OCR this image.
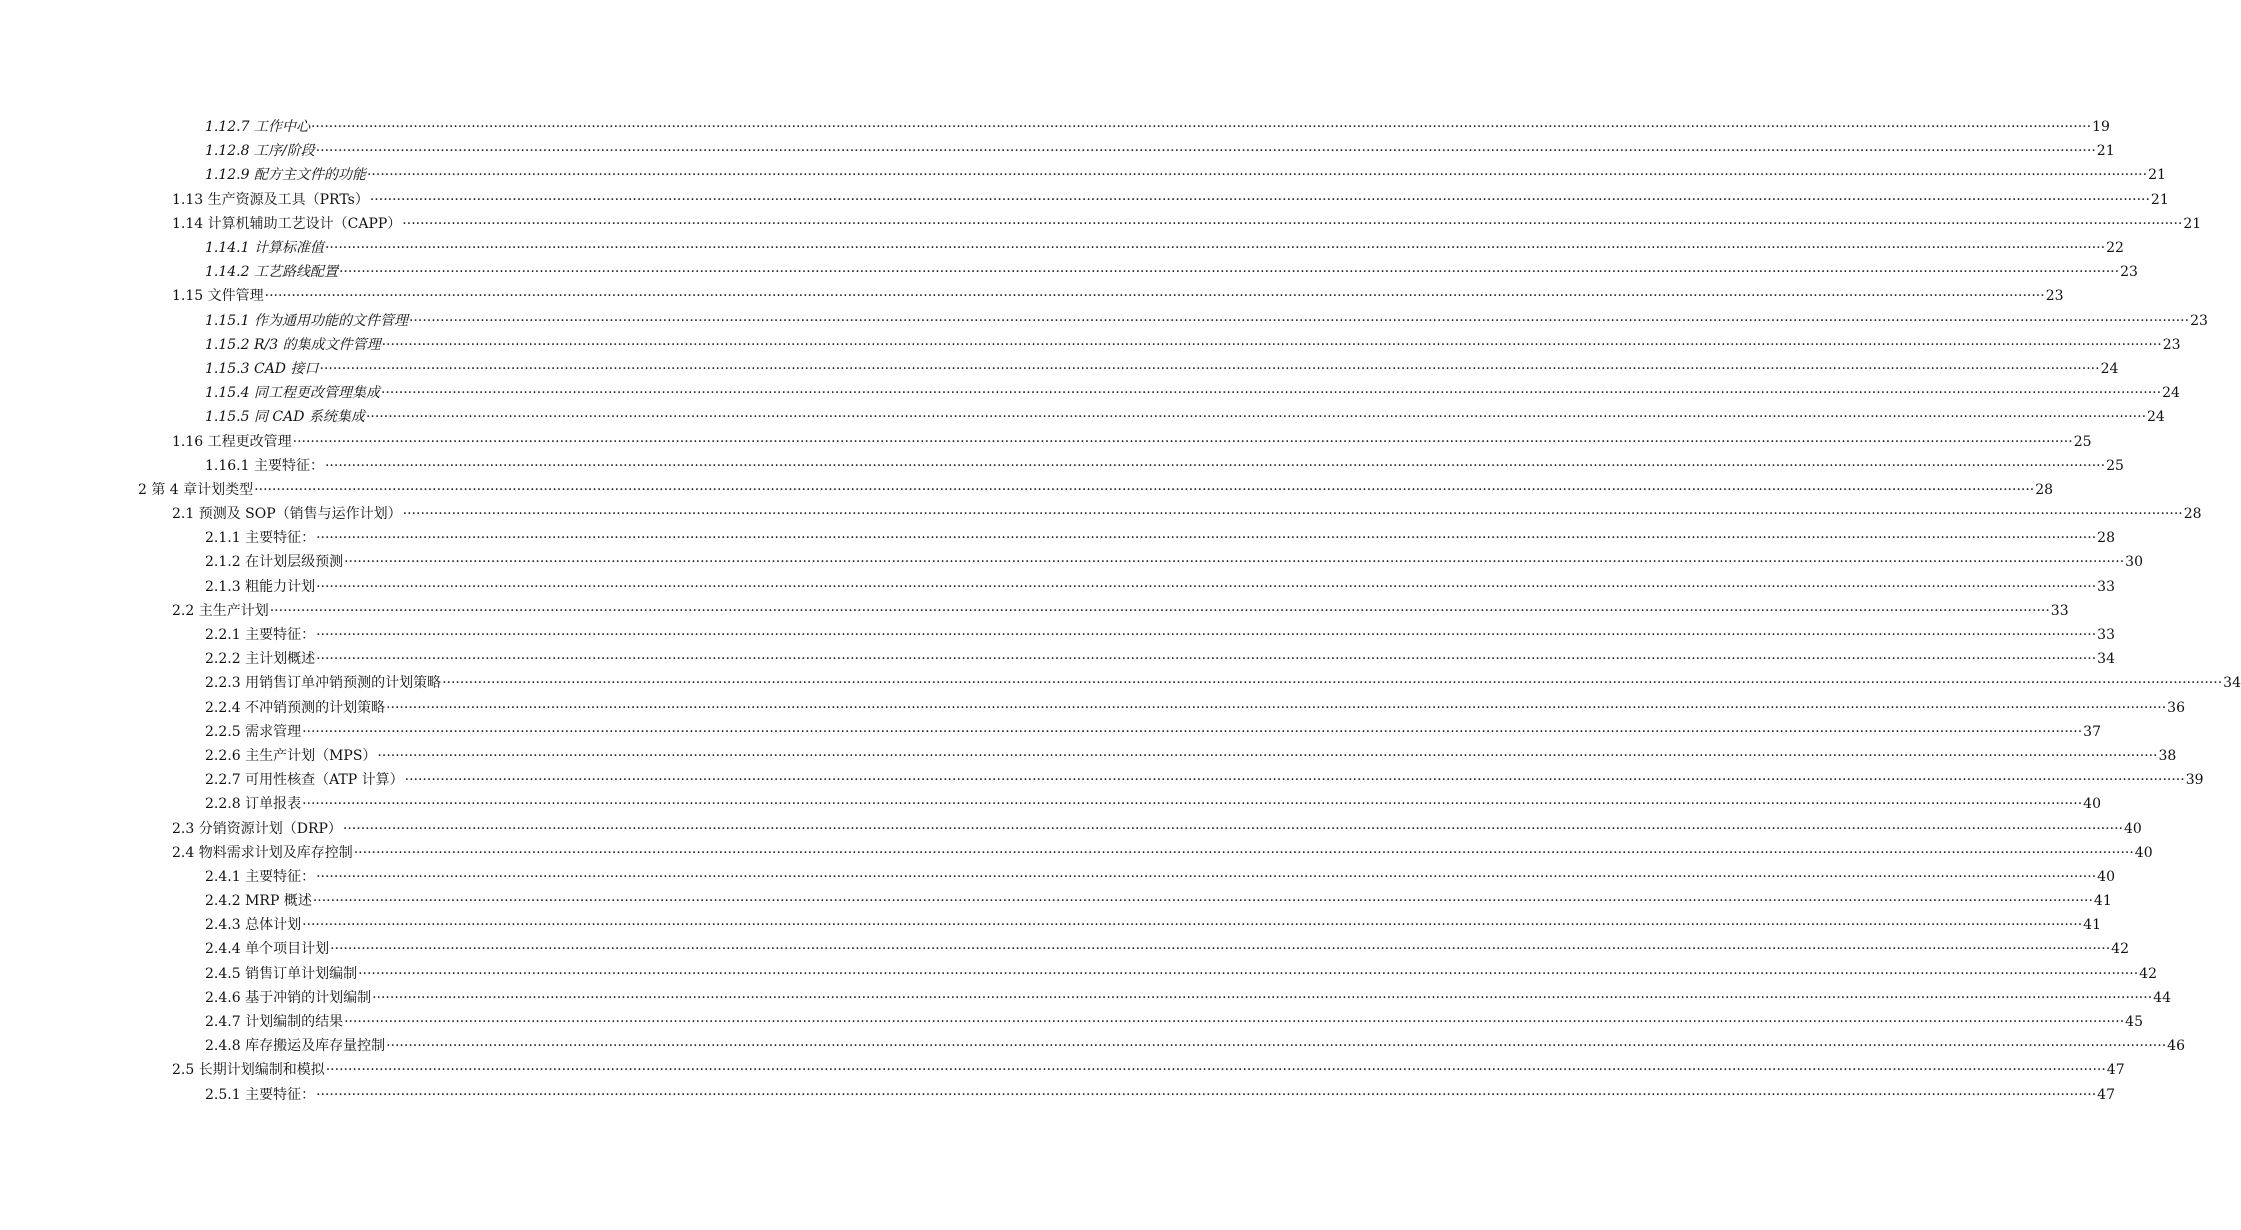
1.12.7 工作中心 ················································································································································································································································································································································································································ 19
1.12.8 工序/阶段 ················································································································································································································································································································································································································ 21
1.12.9 配方主文件的功能 ················································································································································································································································································································································································································ 21
1.13 生产资源及工具（PRTs） ················································································································································································································································································································································································································ 21
1.14 计算机辅助工艺设计（CAPP） ················································································································································································································································································································································································································ 21
1.14.1 计算标准值 ················································································································································································································································································································································································································ 22
1.14.2 工艺路线配置 ················································································································································································································································································································································································································ 23
1.15 文件管理 ················································································································································································································································································································································································································ 23
1.15.1 作为通用功能的文件管理 ················································································································································································································································································································································································································ 23
1.15.2 R/3 的集成文件管理 ················································································································································································································································································································································································································ 23
1.15.3 CAD 接口 ················································································································································································································································································································································································································ 24
1.15.4 同工程更改管理集成 ················································································································································································································································································································································································································ 24
1.15.5 同 CAD 系统集成 ················································································································································································································································································································································································································ 24
1.16 工程更改管理 ················································································································································································································································································································································································································ 25
1.16.1 主要特征： ················································································································································································································································································································································································································ 25
2 第 4 章计划类型 ················································································································································································································································································································································································································ 28
2.1 预测及 SOP（销售与运作计划） ················································································································································································································································································································································································································ 28
2.1.1 主要特征： ················································································································································································································································································································································································································ 28
2.1.2 在计划层级预测 ················································································································································································································································································································································································································ 30
2.1.3 粗能力计划 ················································································································································································································································································································································································································ 33
2.2 主生产计划 ················································································································································································································································································································································································································ 33
2.2.1 主要特征： ················································································································································································································································································································································································································ 33
2.2.2 主计划概述 ················································································································································································································································································································································································································ 34
2.2.3 用销售订单冲销预测的计划策略 ················································································································································································································································································································································································································ 34
2.2.4 不冲销预测的计划策略 ················································································································································································································································································································································································································ 36
2.2.5 需求管理 ················································································································································································································································································································································································································ 37
2.2.6 主生产计划（MPS） ················································································································································································································································································································································································································ 38
2.2.7 可用性核查（ATP 计算） ················································································································································································································································································································································································································ 39
2.2.8 订单报表 ················································································································································································································································································································································································································ 40
2.3 分销资源计划（DRP） ················································································································································································································································································································································································································ 40
2.4 物料需求计划及库存控制 ················································································································································································································································································································································································································ 40
2.4.1 主要特征： ················································································································································································································································································································································································································ 40
2.4.2 MRP 概述 ················································································································································································································································································································································································································ 41
2.4.3 总体计划 ················································································································································································································································································································································································································ 41
2.4.4 单个项目计划 ················································································································································································································································································································································································································ 42
2.4.5 销售订单计划编制 ················································································································································································································································································································································································································ 42
2.4.6 基于冲销的计划编制 ················································································································································································································································································································································································································ 44
2.4.7 计划编制的结果 ················································································································································································································································································································································································································ 45
2.4.8 库存搬运及库存量控制 ················································································································································································································································································································································································································ 46
2.5 长期计划编制和模拟 ················································································································································································································································································································································································································ 47
2.5.1 主要特征： ················································································································································································································································································································································································································ 47
